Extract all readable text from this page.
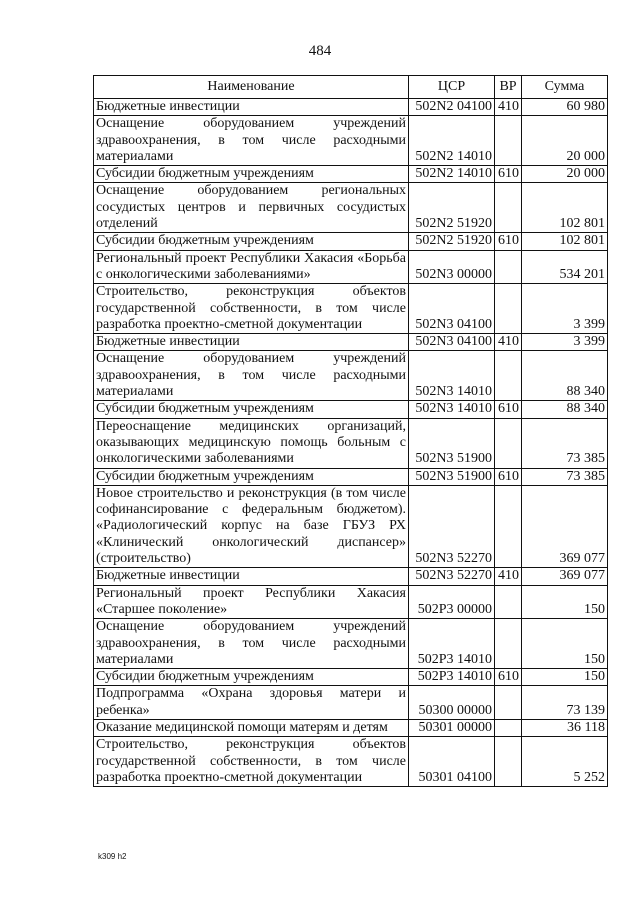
484
Наименование	ЦСР	ВР	Сумма
Бюджетные инвестиции	502N2 04100	410	60 980
Оснащение оборудованием учреждений здравоохранения, в том числе расходными материалами	502N2 14010		20 000
Субсидии бюджетным учреждениям	502N2 14010	610	20 000
Оснащение оборудованием региональных сосудистых центров и первичных сосудистых отделений	502N2 51920		102 801
Субсидии бюджетным учреждениям	502N2 51920	610	102 801
Региональный проект Республики Хакасия «Борьба с онкологическими заболеваниями»	502N3 00000		534 201
Строительство, реконструкция объектов государственной собственности, в том числе разработка проектно-сметной документации	502N3 04100		3 399
Бюджетные инвестиции	502N3 04100	410	3 399
Оснащение оборудованием учреждений здравоохранения, в том числе расходными материалами	502N3 14010		88 340
Субсидии бюджетным учреждениям	502N3 14010	610	88 340
Переоснащение медицинских организаций, оказывающих медицинскую помощь больным с онкологическими заболеваниями	502N3 51900		73 385
Субсидии бюджетным учреждениям	502N3 51900	610	73 385
Новое строительство и реконструкция (в том числе софинансирование с федеральным бюджетом). «Радиологический корпус на базе ГБУЗ РХ «Клинический онкологический диспансер» (строительство)	502N3 52270		369 077
Бюджетные инвестиции	502N3 52270	410	369 077
Региональный проект Республики Хакасия «Старшее поколение»	502P3 00000		150
Оснащение оборудованием учреждений здравоохранения, в том числе расходными материалами	502P3 14010		150
Субсидии бюджетным учреждениям	502P3 14010	610	150
Подпрограмма «Охрана здоровья матери и ребенка»	50300 00000		73 139
Оказание медицинской помощи матерям и детям	50301 00000		36 118
Строительство, реконструкция объектов государственной собственности, в том числе разработка проектно-сметной документации	50301 04100		5 252
k309 h2
